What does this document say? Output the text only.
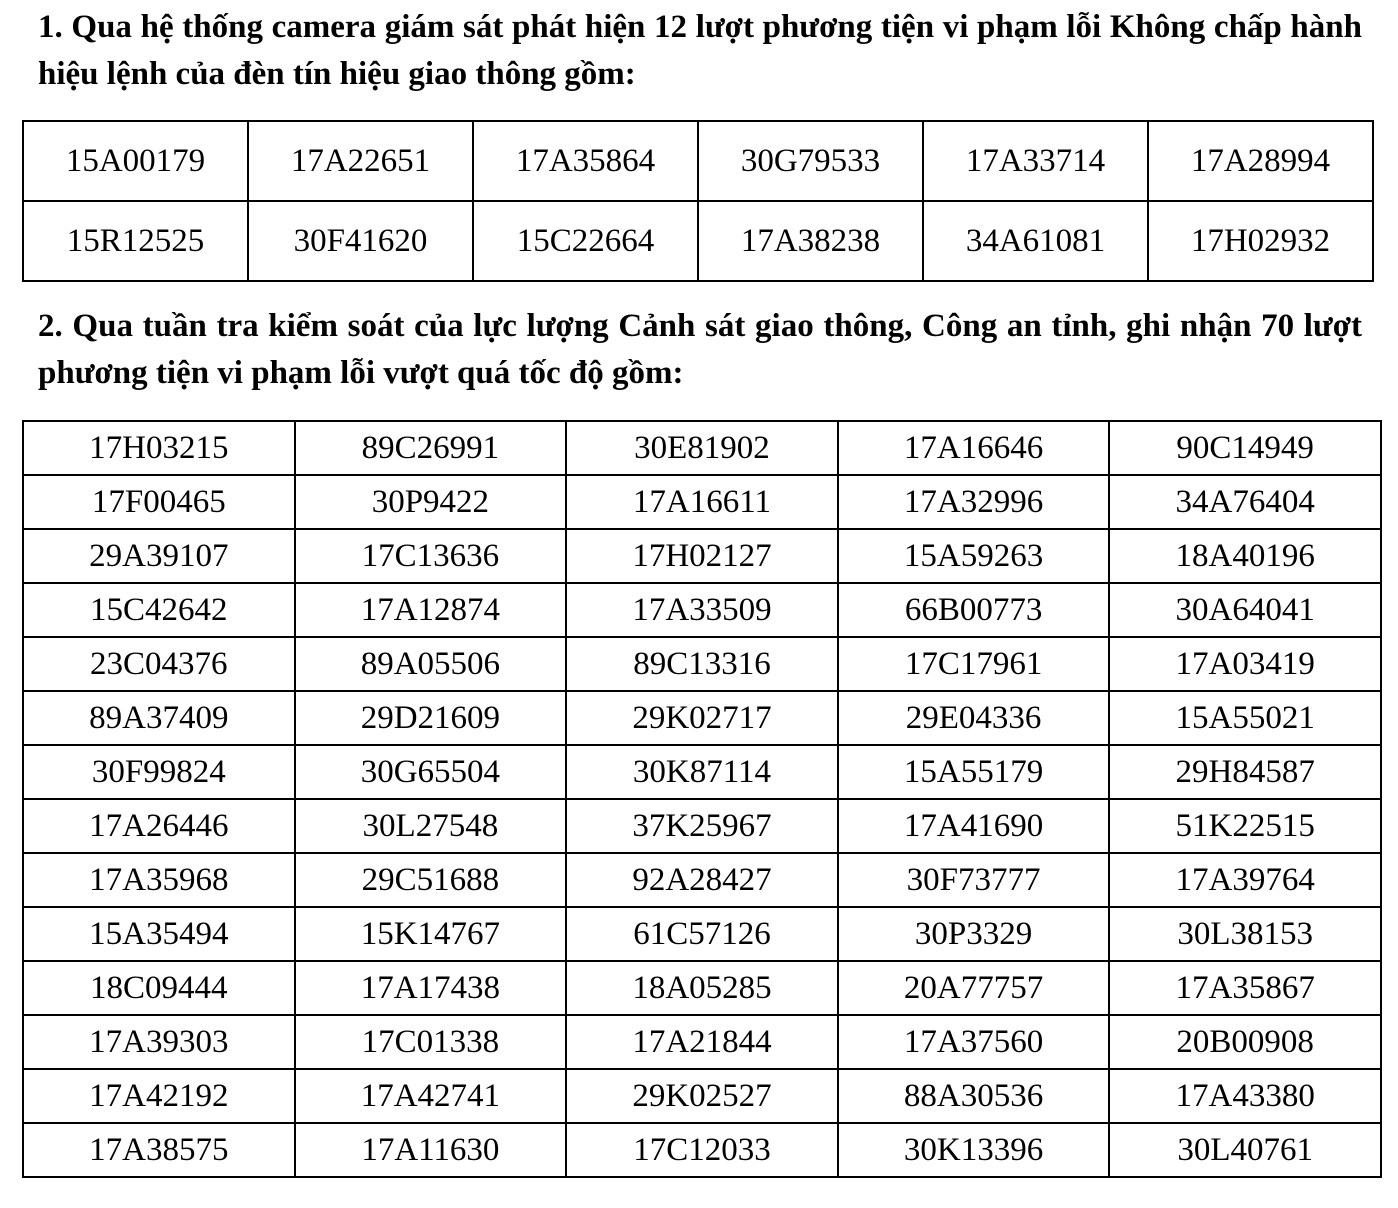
1. Qua hệ thống camera giám sát phát hiện 12 lượt phương tiện vi phạm lỗi Không chấp hành hiệu lệnh của đèn tín hiệu giao thông gồm:

15A00179	17A22651	17A35864	30G79533	17A33714	17A28994
15R12525	30F41620	15C22664	17A38238	34A61081	17H02932

2. Qua tuần tra kiểm soát của lực lượng Cảnh sát giao thông, Công an tỉnh, ghi nhận 70 lượt phương tiện vi phạm lỗi vượt quá tốc độ gồm:

17H03215	89C26991	30E81902	17A16646	90C14949
17F00465	30P9422	17A16611	17A32996	34A76404
29A39107	17C13636	17H02127	15A59263	18A40196
15C42642	17A12874	17A33509	66B00773	30A64041
23C04376	89A05506	89C13316	17C17961	17A03419
89A37409	29D21609	29K02717	29E04336	15A55021
30F99824	30G65504	30K87114	15A55179	29H84587
17A26446	30L27548	37K25967	17A41690	51K22515
17A35968	29C51688	92A28427	30F73777	17A39764
15A35494	15K14767	61C57126	30P3329	30L38153
18C09444	17A17438	18A05285	20A77757	17A35867
17A39303	17C01338	17A21844	17A37560	20B00908
17A42192	17A42741	29K02527	88A30536	17A43380
17A38575	17A11630	17C12033	30K13396	30L40761
